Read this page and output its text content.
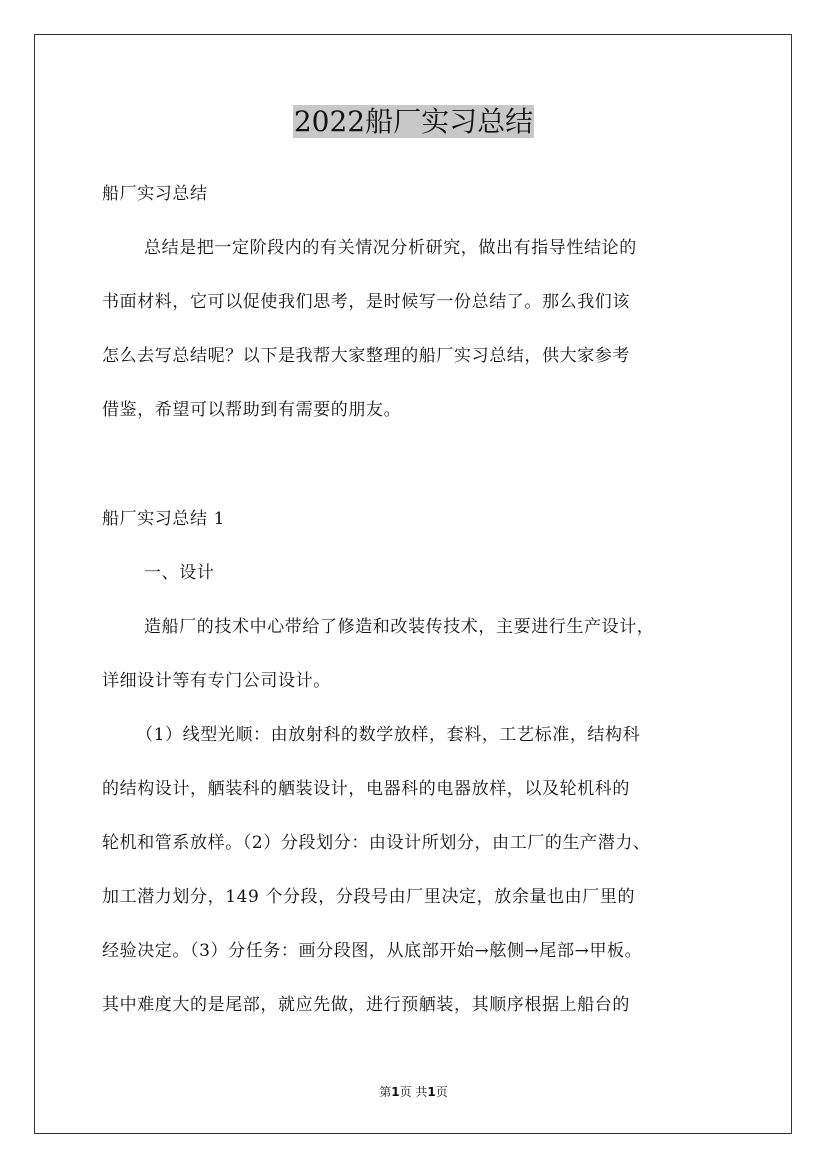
2022船厂实习总结
船厂实习总结
总结是把一定阶段内的有关情况分析研究，做出有指导性结论的
书面材料，它可以促使我们思考，是时候写一份总结了。那么我们该
怎么去写总结呢？以下是我帮大家整理的船厂实习总结，供大家参考
借鉴，希望可以帮助到有需要的朋友。
船厂实习总结 1
一、设计
造船厂的技术中心带给了修造和改装传技术，主要进行生产设计，
详细设计等有专门公司设计。
（1）线型光顺：由放射科的数学放样，套料，工艺标准，结构科
的结构设计，舾装科的舾装设计，电器科的电器放样，以及轮机科的
轮机和管系放样。（2）分段划分：由设计所划分，由工厂的生产潜力、
加工潜力划分，149 个分段，分段号由厂里决定，放余量也由厂里的
经验决定。（3）分任务：画分段图，从底部开始→舷侧→尾部→甲板。
其中难度大的是尾部，就应先做，进行预舾装，其顺序根据上船台的
第1页 共1页
